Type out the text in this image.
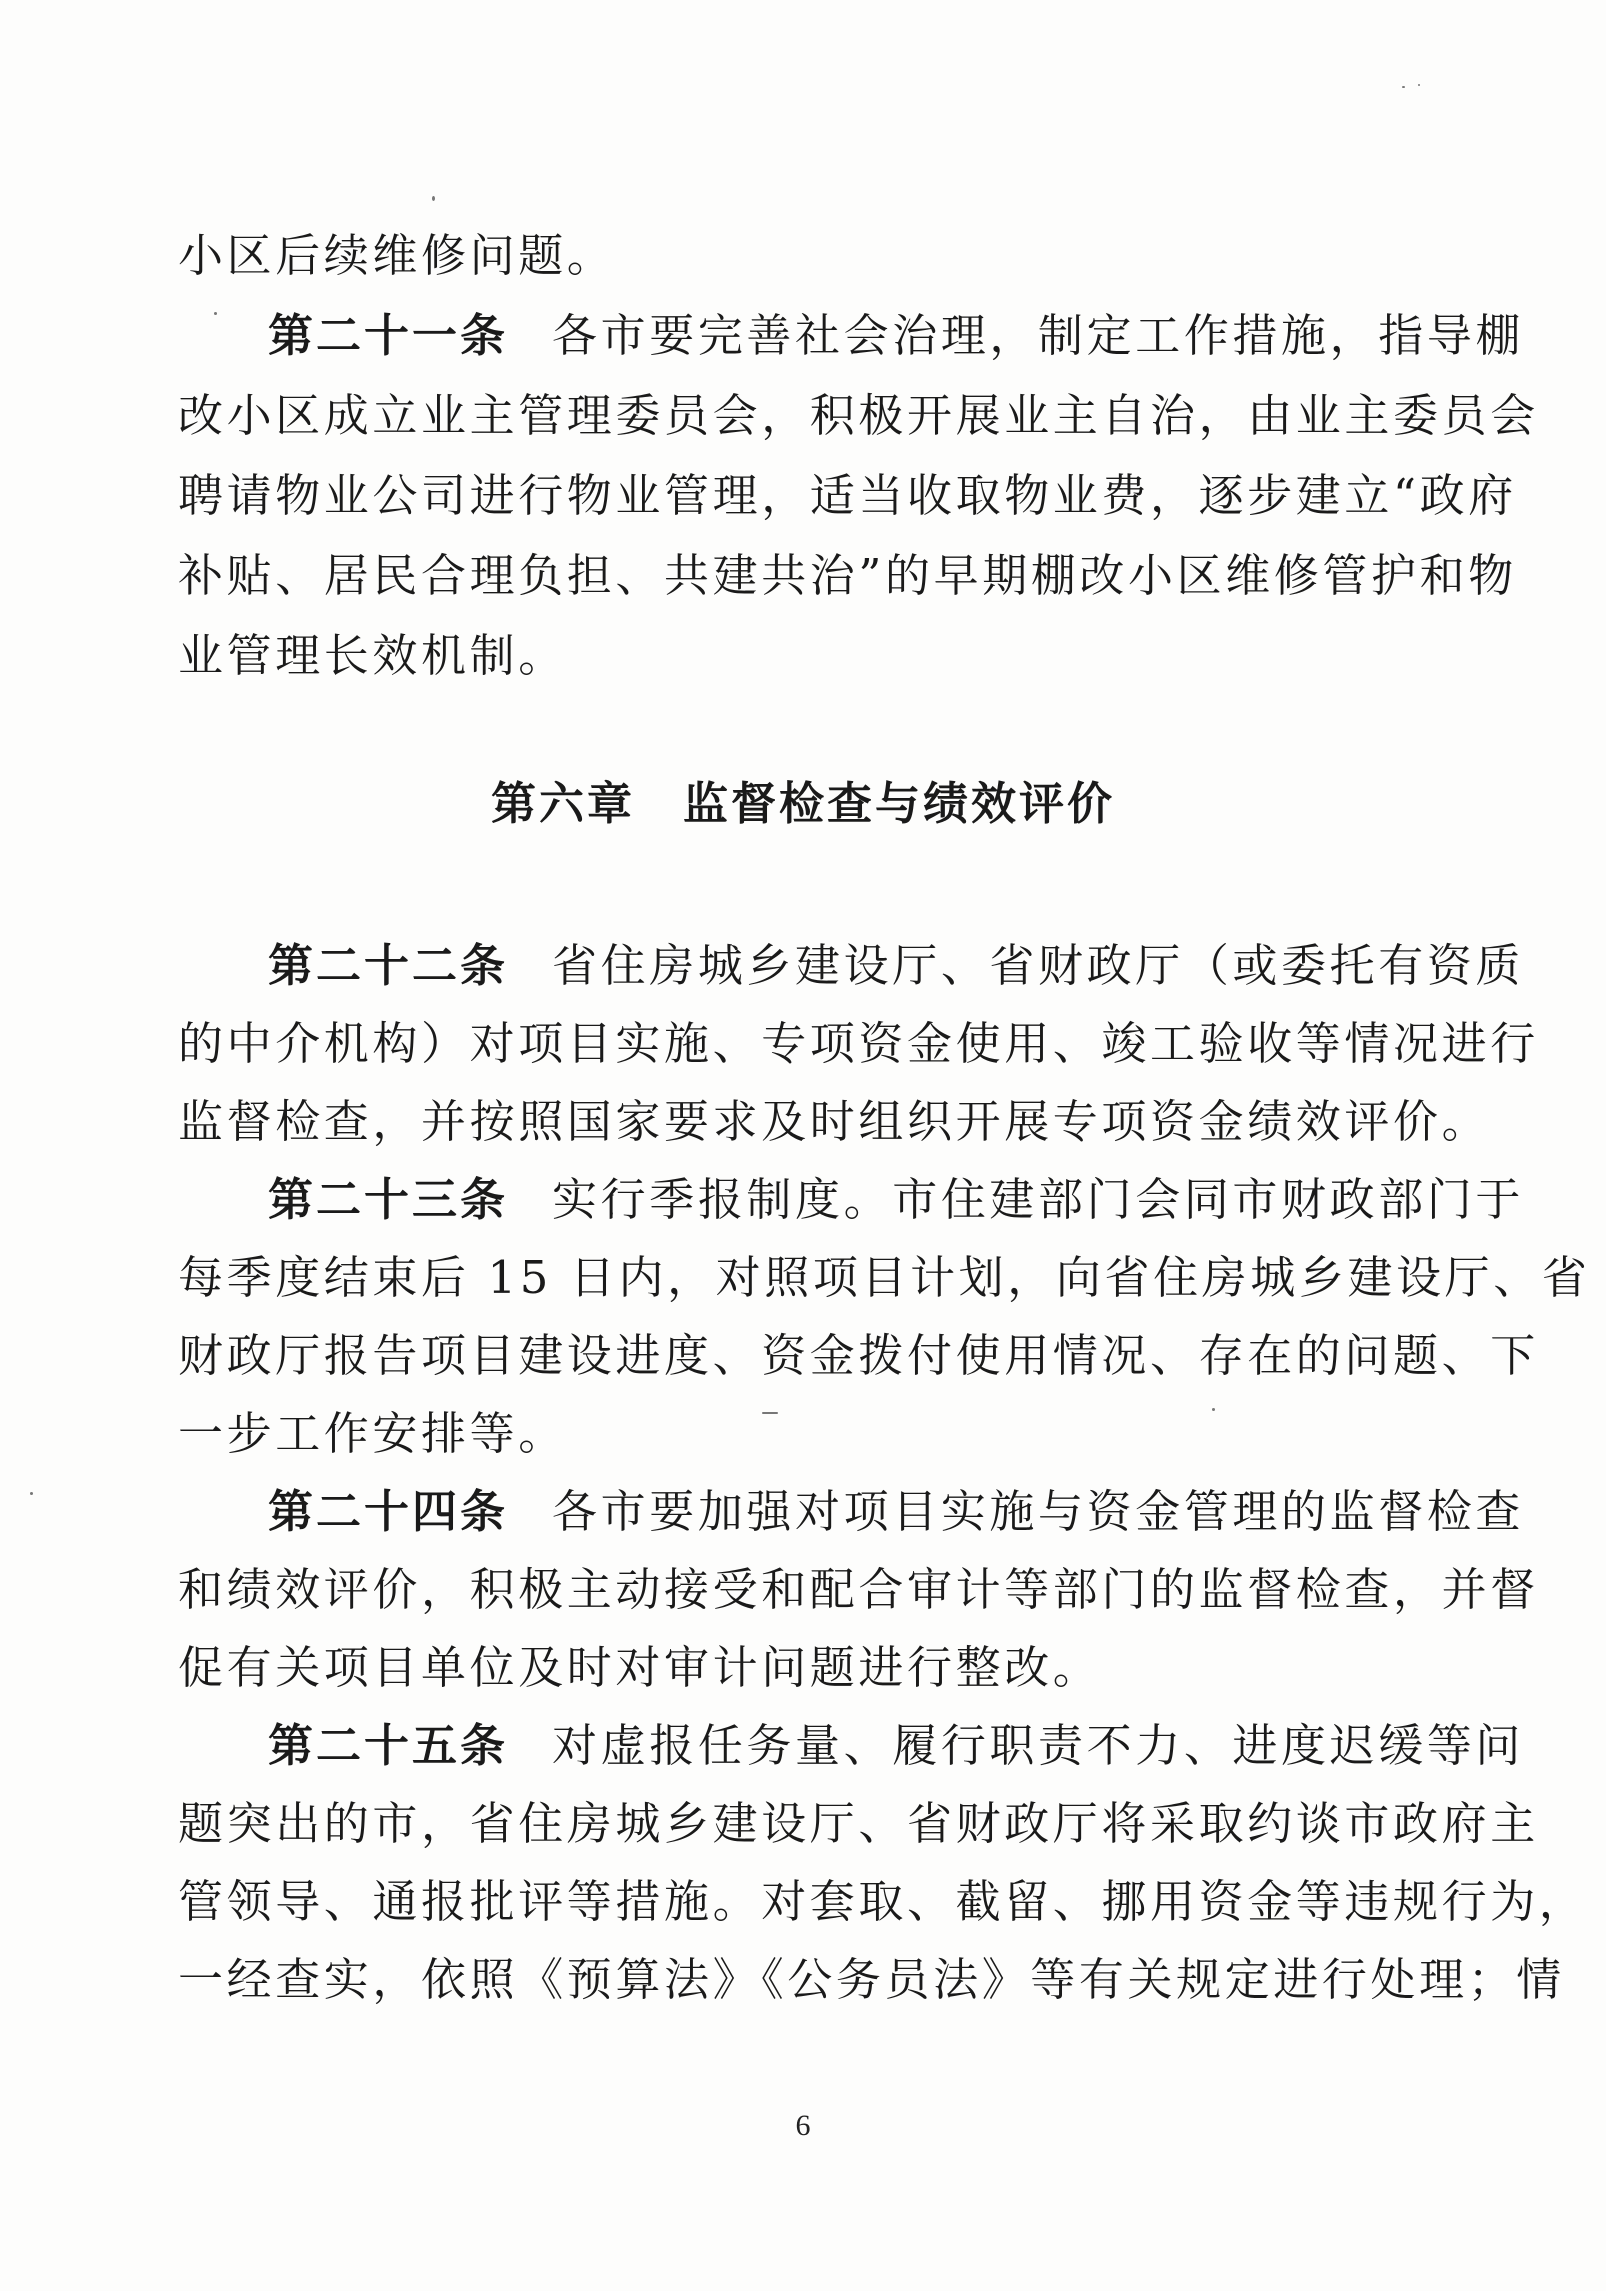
小区后续维修问题。
第二十一条 各市要完善社会治理，制定工作措施，指导棚
改小区成立业主管理委员会，积极开展业主自治，由业主委员会
聘请物业公司进行物业管理，适当收取物业费，逐步建立“政府
补贴、居民合理负担、共建共治”的早期棚改小区维修管护和物
业管理长效机制。
第六章 监督检查与绩效评价
第二十二条 省住房城乡建设厅、省财政厅（或委托有资质
的中介机构）对项目实施、专项资金使用、竣工验收等情况进行
监督检查，并按照国家要求及时组织开展专项资金绩效评价。
第二十三条 实行季报制度。市住建部门会同市财政部门于
每季度结束后 15 日内，对照项目计划，向省住房城乡建设厅、省
财政厅报告项目建设进度、资金拨付使用情况、存在的问题、下
一步工作安排等。
第二十四条 各市要加强对项目实施与资金管理的监督检查
和绩效评价，积极主动接受和配合审计等部门的监督检查，并督
促有关项目单位及时对审计问题进行整改。
第二十五条 对虚报任务量、履行职责不力、进度迟缓等问
题突出的市，省住房城乡建设厅、省财政厅将采取约谈市政府主
管领导、通报批评等措施。对套取、截留、挪用资金等违规行为，
一经查实，依照《预算法》《公务员法》等有关规定进行处理；情
6
